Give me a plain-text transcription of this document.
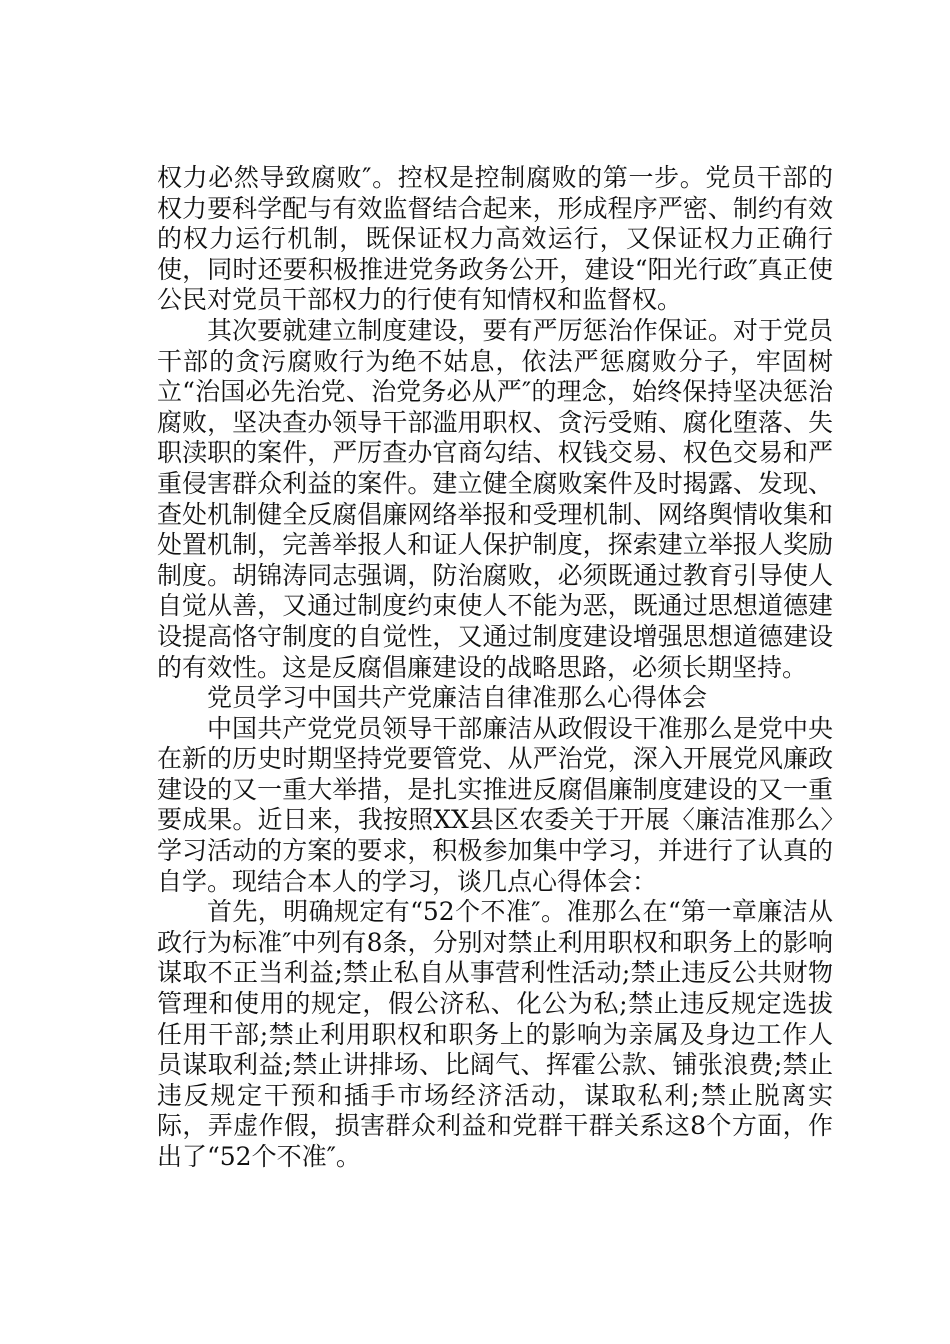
权力必然导致腐败″。控权是控制腐败的第一步。党员干部的权力要科学配与有效监督结合起来，形成程序严密、制约有效的权力运行机制，既保证权力高效运行，又保证权力正确行使，同时还要积极推进党务政务公开，建设“阳光行政″真正使公民对党员干部权力的行使有知情权和监督权。

其次要就建立制度建设，要有严厉惩治作保证。对于党员干部的贪污腐败行为绝不姑息，依法严惩腐败分子，牢固树立“治国必先治党、治党务必从严″的理念，始终保持坚决惩治腐败，坚决查办领导干部滥用职权、贪污受贿、腐化堕落、失职渎职的案件，严厉查办官商勾结、权钱交易、权色交易和严重侵害群众利益的案件。建立健全腐败案件及时揭露、发现、查处机制健全反腐倡廉网络举报和受理机制、网络舆情收集和处置机制，完善举报人和证人保护制度，探索建立举报人奖励制度。胡锦涛同志强调，防治腐败，必须既通过教育引导使人自觉从善，又通过制度约束使人不能为恶，既通过思想道德建设提高恪守制度的自觉性，又通过制度建设增强思想道德建设的有效性。这是反腐倡廉建设的战略思路，必须长期坚持。

党员学习中国共产党廉洁自律准那么心得体会

中国共产党党员领导干部廉洁从政假设干准那么是党中央在新的历史时期坚持党要管党、从严治党，深入开展党风廉政建设的又一重大举措，是扎实推进反腐倡廉制度建设的又一重要成果。近日来，我按照XX县区农委关于开展〈廉洁准那么〉学习活动的方案的要求，积极参加集中学习，并进行了认真的自学。现结合本人的学习，谈几点心得体会：

首先，明确规定有“52个不准″。准那么在“第一章廉洁从政行为标准″中列有8条，分别对禁止利用职权和职务上的影响谋取不正当利益;禁止私自从事营利性活动;禁止违反公共财物管理和使用的规定，假公济私、化公为私;禁止违反规定选拔任用干部;禁止利用职权和职务上的影响为亲属及身边工作人员谋取利益;禁止讲排场、比阔气、挥霍公款、铺张浪费;禁止违反规定干预和插手市场经济活动，谋取私利;禁止脱离实际，弄虚作假，损害群众利益和党群干群关系这8个方面，作出了“52个不准″。
